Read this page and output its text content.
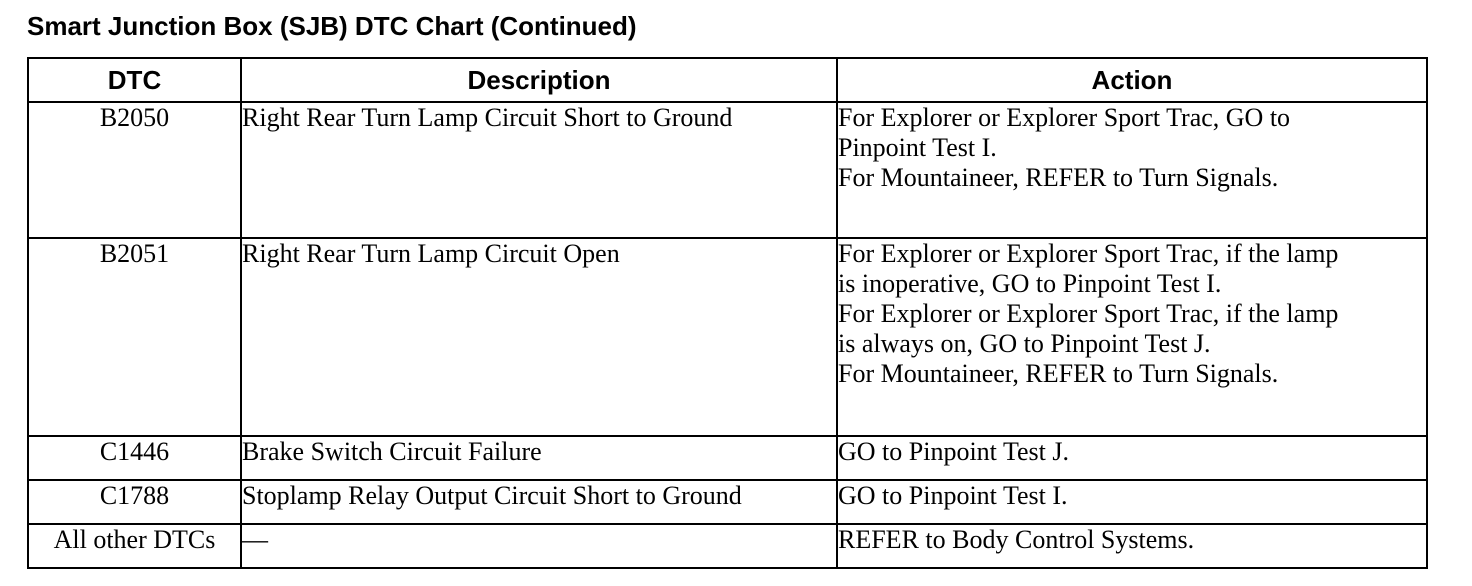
Smart Junction Box (SJB) DTC Chart (Continued)
DTC	Description	Action
B2050	Right Rear Turn Lamp Circuit Short to Ground	For Explorer or Explorer Sport Trac, GO to
Pinpoint Test I.
For Mountaineer, REFER to Turn Signals.

B2051	Right Rear Turn Lamp Circuit Open	For Explorer or Explorer Sport Trac, if the lamp
is inoperative, GO to Pinpoint Test I.
For Explorer or Explorer Sport Trac, if the lamp
is always on, GO to Pinpoint Test J.
For Mountaineer, REFER to Turn Signals.

C1446	Brake Switch Circuit Failure	GO to Pinpoint Test J.

C1788	Stoplamp Relay Output Circuit Short to Ground	GO to Pinpoint Test I.

All other DTCs	—	REFER to Body Control Systems.
